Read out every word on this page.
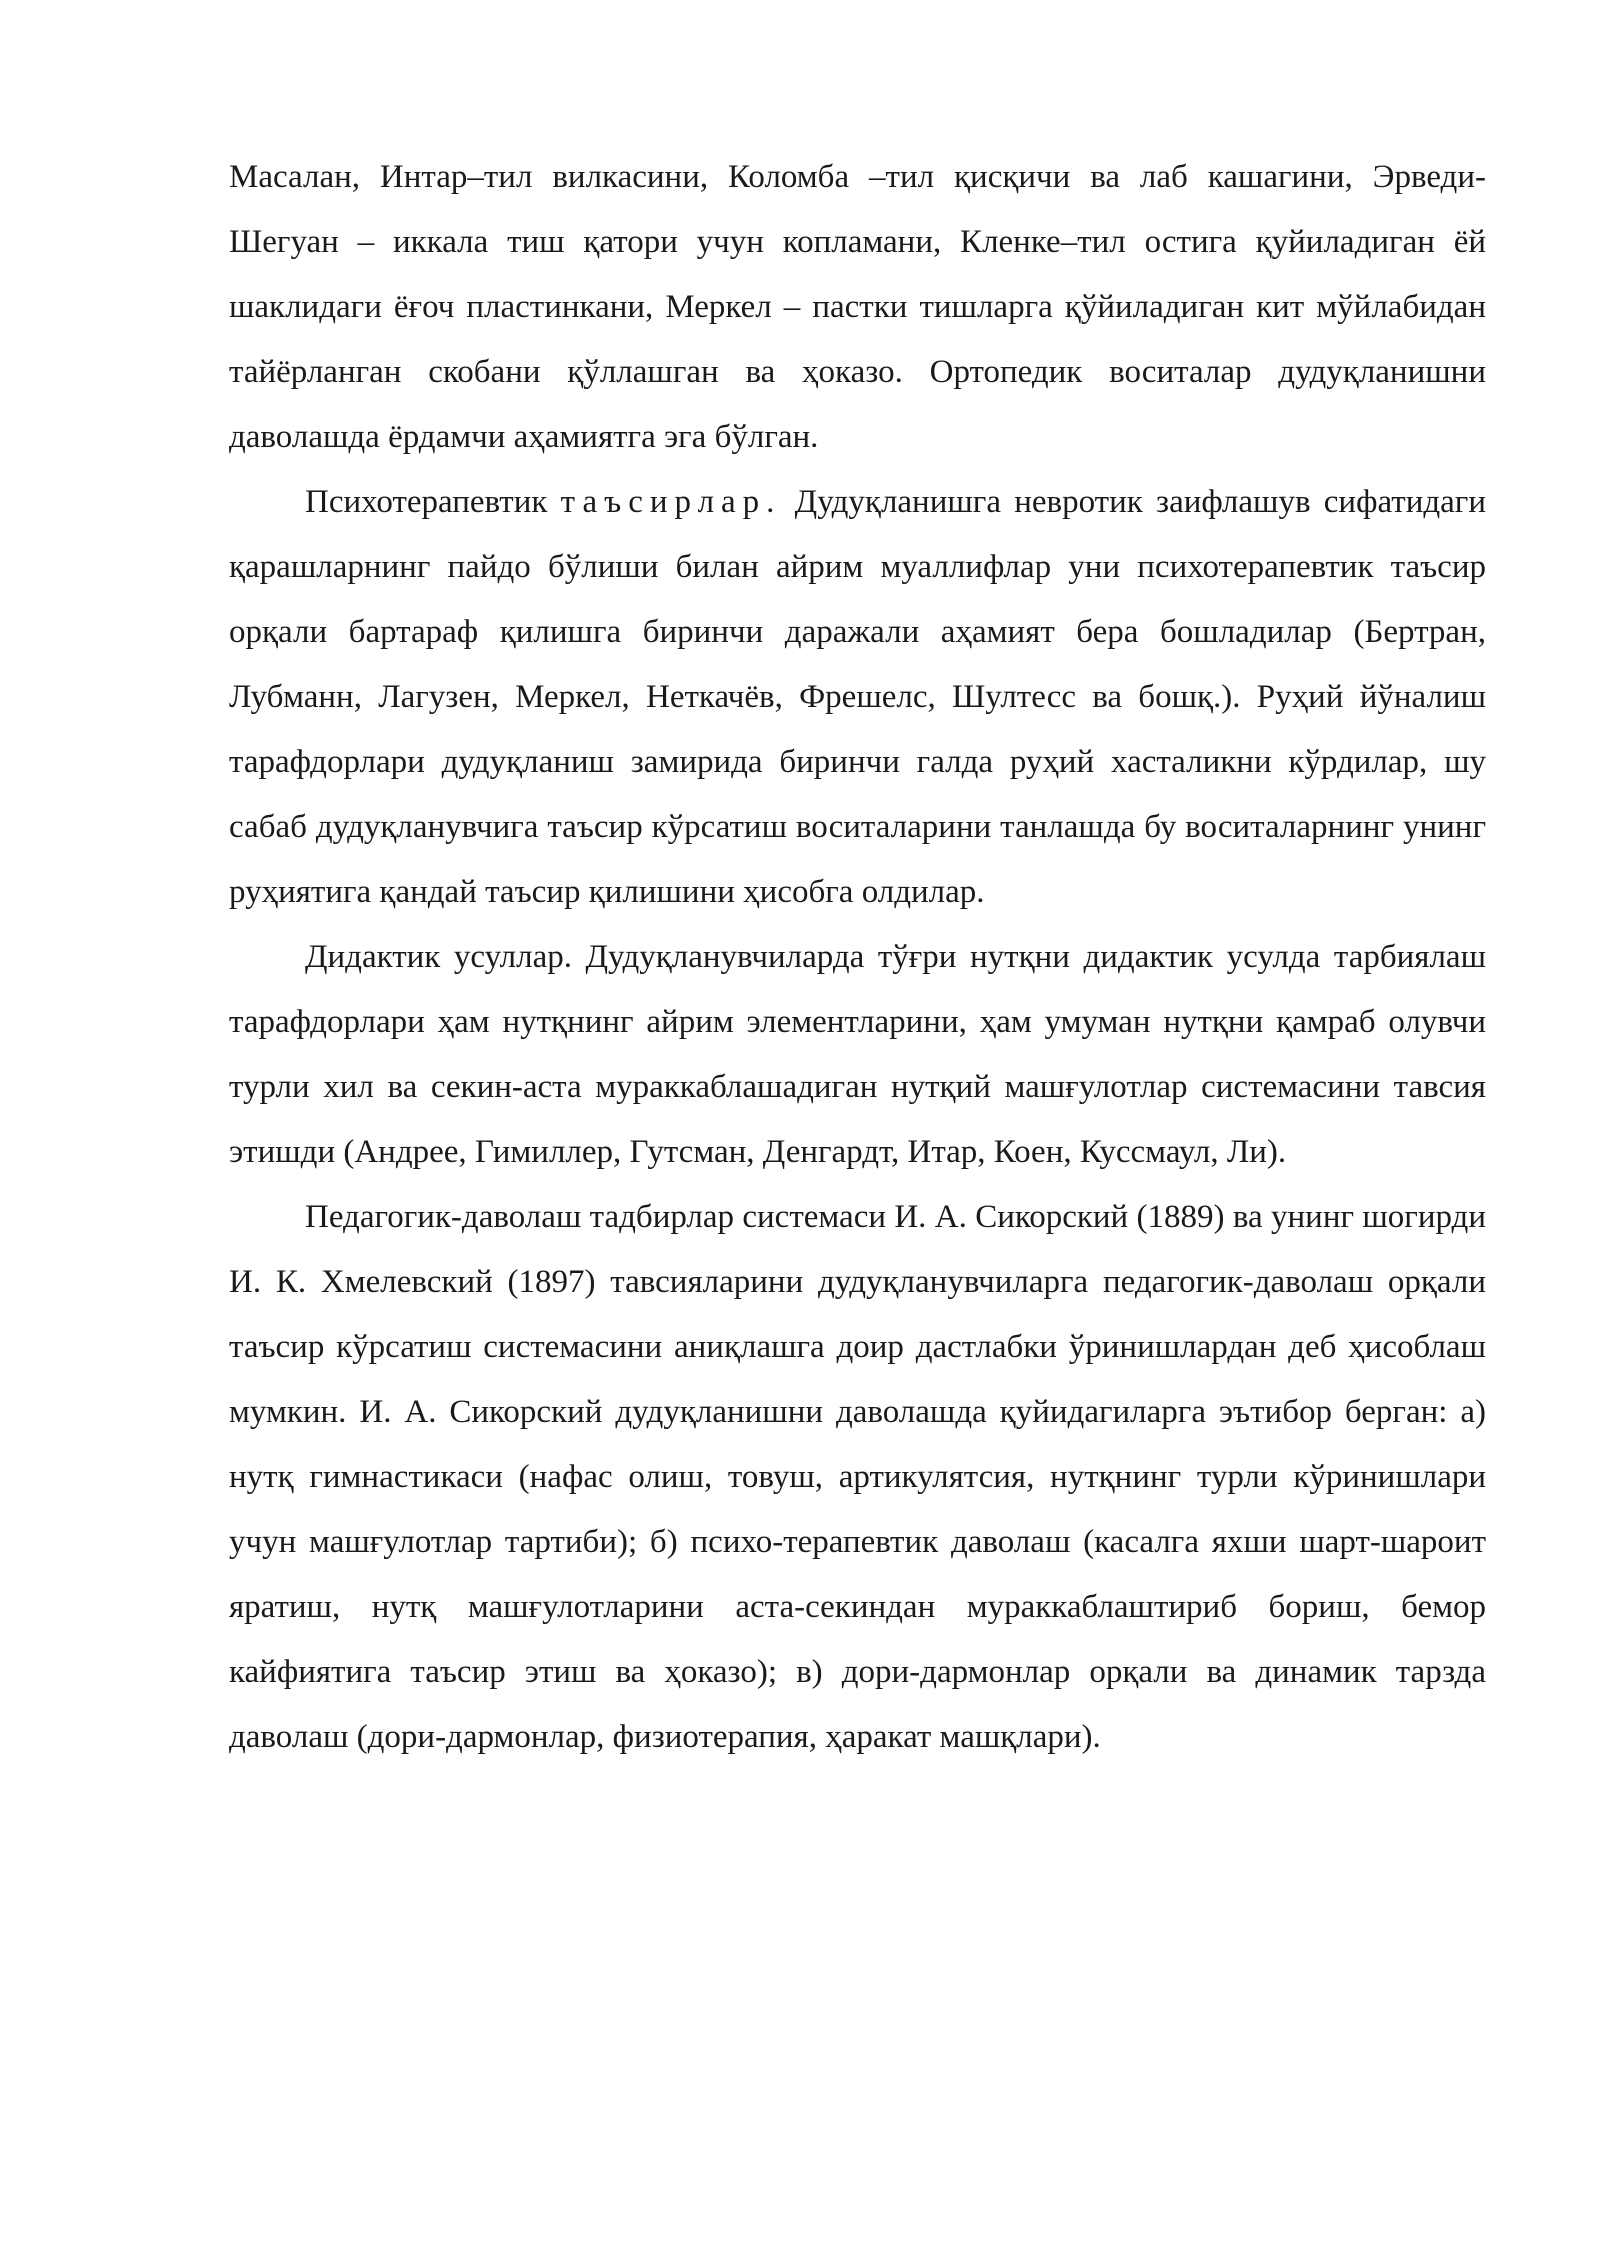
Масалан, Интар–тил вилкасини, Коломба –тил қисқичи ва лаб кашагини, Эрведи-Шегуан – иккала тиш қатори учун копламани, Кленке–тил остига қуйиладиган ёй шаклидаги ёғоч пластинкани, Меркел – пастки тишларга қўйиладиган кит мўйлабидан тайёрланган скобани қўллашган ва ҳоказо. Ортопедик воситалар дудуқланишни даволашда ёрдамчи аҳамиятга эга бўлган.

Психотерапевтик таъсирлар. Дудуқланишга невротик заифлашув сифатидаги қарашларнинг пайдо бўлиши билан айрим муаллифлар уни психотерапевтик таъсир орқали бартараф қилишга биринчи даражали аҳамият бера бошладилар (Бертран, Лубманн, Лагузен, Меркел, Неткачёв, Фрешелс, Шултесс ва бошқ.). Руҳий йўналиш тарафдорлари дудуқланиш замирида биринчи галда руҳий хасталикни кўрдилар, шу сабаб дудуқланувчига таъсир кўрсатиш воситаларини танлашда бу воситаларнинг унинг руҳиятига қандай таъсир қилишини ҳисобга олдилар.

Дидактик усуллар. Дудуқланувчиларда тўғри нутқни дидактик усулда тарбиялаш тарафдорлари ҳам нутқнинг айрим элементларини, ҳам умуман нутқни қамраб олувчи турли хил ва секин-аста мураккаблашадиган нутқий машғулотлар системасини тавсия этишди (Андрее, Гимиллер, Гутсман, Денгардт, Итар, Коен, Куссмаул, Ли).

Педагогик-даволаш тадбирлар системаси И. А. Сикорский (1889) ва унинг шогирди И. К. Хмелевский (1897) тавсияларини дудуқланувчиларга педагогик-даволаш орқали таъсир кўрсатиш системасини аниқлашга доир дастлабки ўринишлардан деб ҳисоблаш мумкин. И. А. Сикорский дудуқланишни даволашда қуйидагиларга эътибор берган: а) нутқ гимнастикаси (нафас олиш, товуш, артикулятсия, нутқнинг турли кўринишлари учун машғулотлар тартиби); б) психо-терапевтик даволаш (касалга яхши шарт-шароит яратиш, нутқ машғулотларини аста-секиндан мураккаблаштириб бориш, бемор кайфиятига таъсир этиш ва ҳоказо); в) дори-дармонлар орқали ва динамик тарзда даволаш (дори-дармонлар, физиотерапия, ҳаракат машқлари).
